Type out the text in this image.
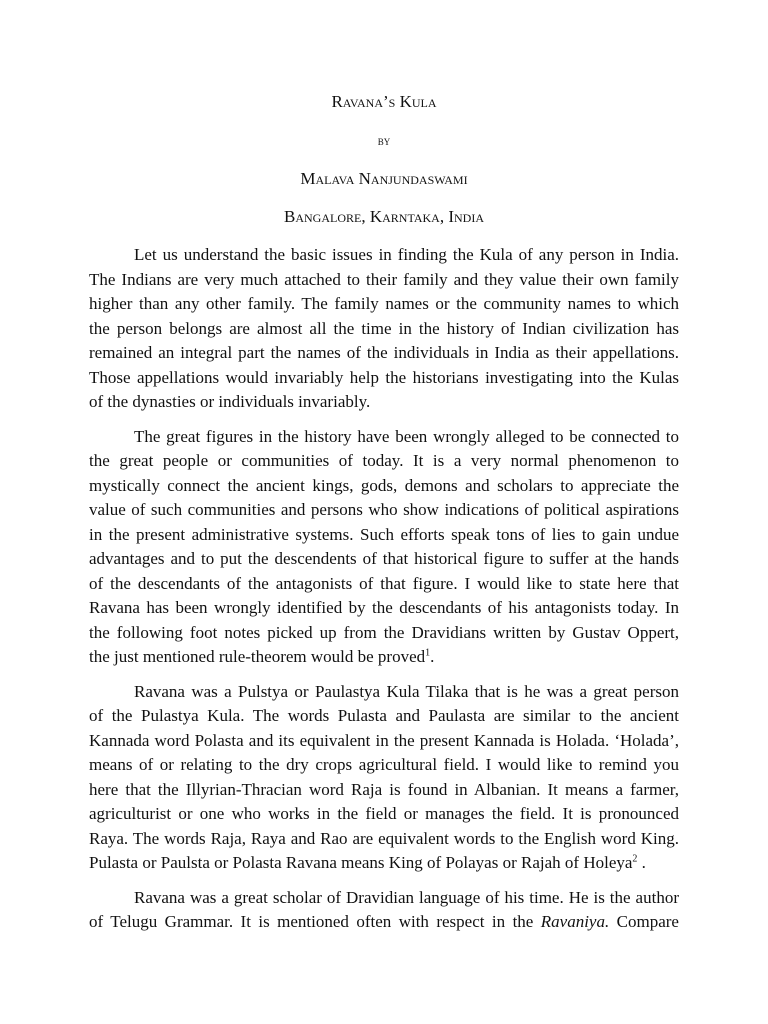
Ravana’s Kula

by

Malava Nanjundaswami

Bangalore, Karntaka, India

Let us understand the basic issues in finding the Kula of any person in India.
The Indians are very much attached to their family and they value their own family
higher than any other family. The family names or the community names to which
the person belongs are almost all the time in the history of Indian civilization has
remained an integral part the names of the individuals in India as their appellations.
Those appellations would invariably help the historians investigating into the Kulas
of the dynasties or individuals invariably.
The great figures in the history have been wrongly alleged to be connected to
the great people or communities of today. It is a very normal phenomenon to
mystically connect the ancient kings, gods, demons and scholars to appreciate the
value of such communities and persons who show indications of political aspirations
in the present administrative systems. Such efforts speak tons of lies to gain undue
advantages and to put the descendents of that historical figure to suffer at the hands
of the descendants of the antagonists of that figure. I would like to state here that
Ravana has been wrongly identified by the descendants of his antagonists today. In
the following foot notes picked up from the Dravidians written by Gustav Oppert,
the just mentioned rule-theorem would be proved$^1$.
Ravana was a Pulstya or Paulastya Kula Tilaka that is he was a great person
of the Pulastya Kula. The words Pulasta and Paulasta are similar to the ancient
Kannada word Polasta and its equivalent in the present Kannada is Holada. ‘Holada’,
means of or relating to the dry crops agricultural field. I would like to remind you
here that the Illyrian-Thracian word Raja is found in Albanian. It means a farmer,
agriculturist or one who works in the field or manages the field. It is pronounced
Raya. The words Raja, Raya and Rao are equivalent words to the English word King.
Pulasta or Paulsta or Polasta Ravana means King of Polayas or Rajah of Holeya$^2$ .
Ravana was a great scholar of Dravidian language of his time. He is the author
of Telugu Grammar. It is mentioned often with respect in the Ravaniya. Compare
